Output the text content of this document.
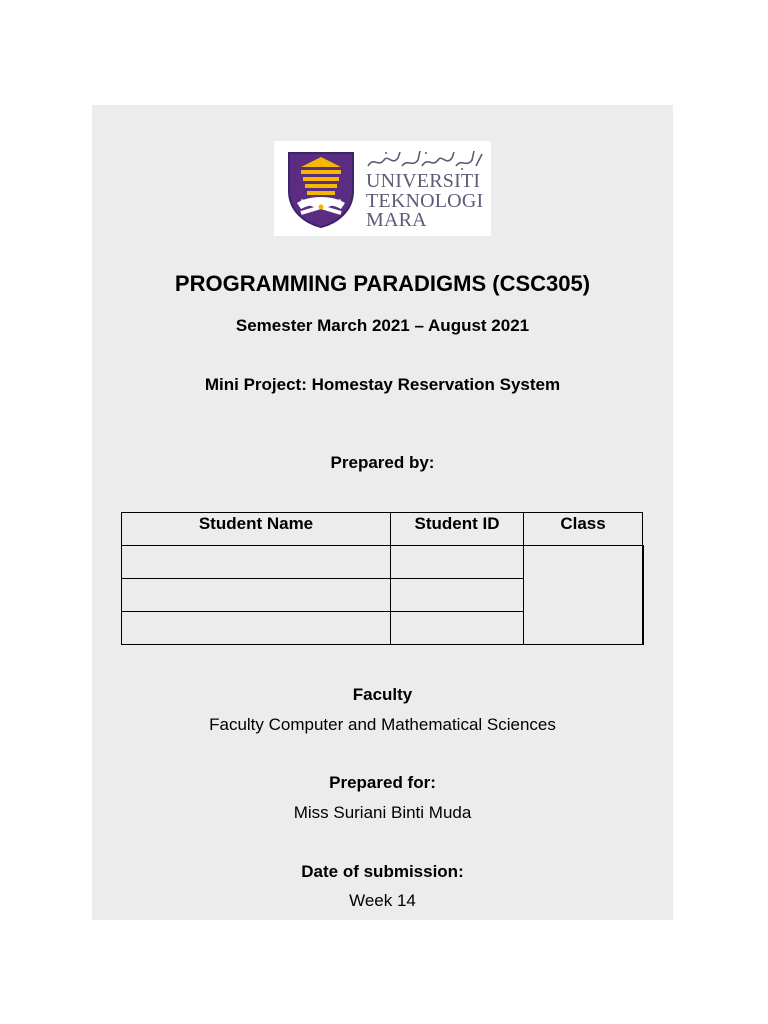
UNIVERSITI
TEKNOLOGI
MARA
PROGRAMMING PARADIGMS (CSC305)
Semester March 2021 – August 2021
Mini Project: Homestay Reservation System
Prepared by:
Student Name	Student ID	Class

Faculty
Faculty Computer and Mathematical Sciences
Prepared for:
Miss Suriani Binti Muda
Date of submission:
Week 14
